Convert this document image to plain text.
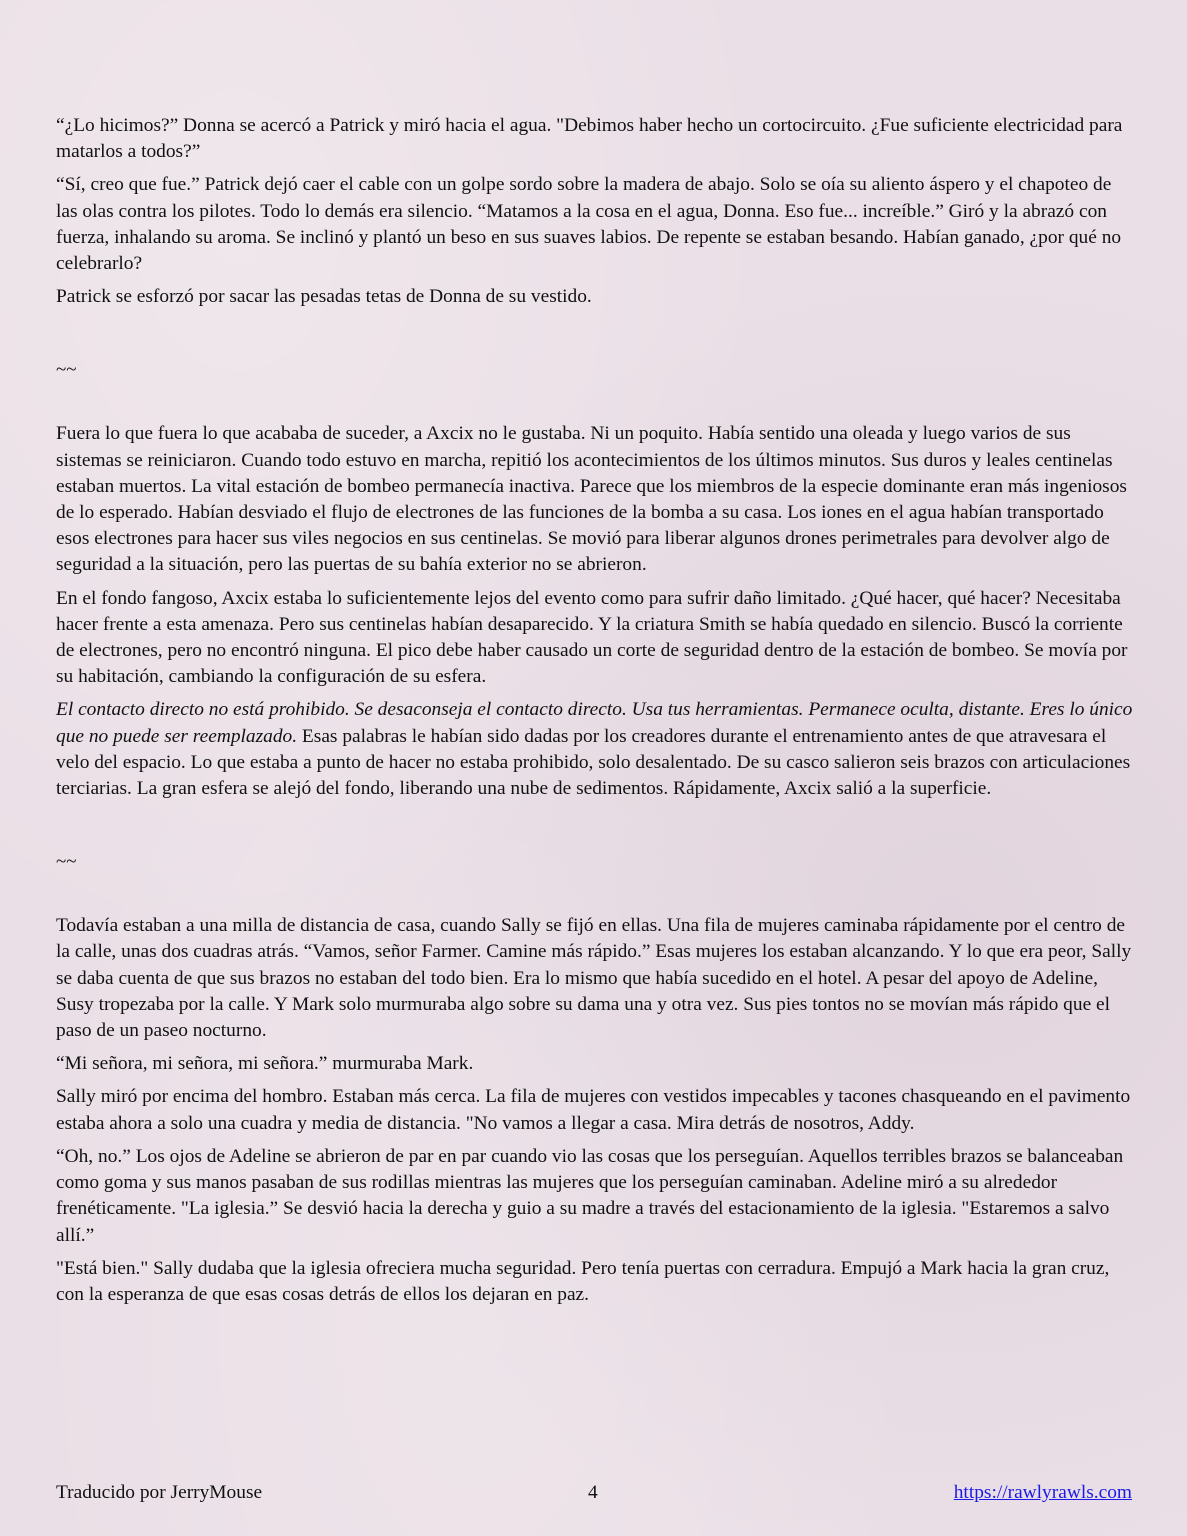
“¿Lo hicimos?” Donna se acercó a Patrick y miró hacia el agua. "Debimos haber hecho un cortocircuito. ¿Fue suficiente electricidad para matarlos a todos?”

“Sí, creo que fue.” Patrick dejó caer el cable con un golpe sordo sobre la madera de abajo. Solo se oía su aliento áspero y el chapoteo de las olas contra los pilotes. Todo lo demás era silencio. “Matamos a la cosa en el agua, Donna. Eso fue... increíble.” Giró y la abrazó con fuerza, inhalando su aroma. Se inclinó y plantó un beso en sus suaves labios. De repente se estaban besando. Habían ganado, ¿por qué no celebrarlo?

Patrick se esforzó por sacar las pesadas tetas de Donna de su vestido.

~~

Fuera lo que fuera lo que acababa de suceder, a Axcix no le gustaba. Ni un poquito. Había sentido una oleada y luego varios de sus sistemas se reiniciaron. Cuando todo estuvo en marcha, repitió los acontecimientos de los últimos minutos. Sus duros y leales centinelas estaban muertos. La vital estación de bombeo permanecía inactiva. Parece que los miembros de la especie dominante eran más ingeniosos de lo esperado. Habían desviado el flujo de electrones de las funciones de la bomba a su casa. Los iones en el agua habían transportado esos electrones para hacer sus viles negocios en sus centinelas. Se movió para liberar algunos drones perimetrales para devolver algo de seguridad a la situación, pero las puertas de su bahía exterior no se abrieron.

En el fondo fangoso, Axcix estaba lo suficientemente lejos del evento como para sufrir daño limitado. ¿Qué hacer, qué hacer? Necesitaba hacer frente a esta amenaza. Pero sus centinelas habían desaparecido. Y la criatura Smith se había quedado en silencio. Buscó la corriente de electrones, pero no encontró ninguna. El pico debe haber causado un corte de seguridad dentro de la estación de bombeo. Se movía por su habitación, cambiando la configuración de su esfera.

El contacto directo no está prohibido. Se desaconseja el contacto directo. Usa tus herramientas. Permanece oculta, distante. Eres lo único que no puede ser reemplazado. Esas palabras le habían sido dadas por los creadores durante el entrenamiento antes de que atravesara el velo del espacio. Lo que estaba a punto de hacer no estaba prohibido, solo desalentado. De su casco salieron seis brazos con articulaciones terciarias. La gran esfera se alejó del fondo, liberando una nube de sedimentos. Rápidamente, Axcix salió a la superficie.

~~

Todavía estaban a una milla de distancia de casa, cuando Sally se fijó en ellas. Una fila de mujeres caminaba rápidamente por el centro de la calle, unas dos cuadras atrás. “Vamos, señor Farmer. Camine más rápido.” Esas mujeres los estaban alcanzando. Y lo que era peor, Sally se daba cuenta de que sus brazos no estaban del todo bien. Era lo mismo que había sucedido en el hotel. A pesar del apoyo de Adeline, Susy tropezaba por la calle. Y Mark solo murmuraba algo sobre su dama una y otra vez. Sus pies tontos no se movían más rápido que el paso de un paseo nocturno.

“Mi señora, mi señora, mi señora.” murmuraba Mark.

Sally miró por encima del hombro. Estaban más cerca. La fila de mujeres con vestidos impecables y tacones chasqueando en el pavimento estaba ahora a solo una cuadra y media de distancia. "No vamos a llegar a casa. Mira detrás de nosotros, Addy.

“Oh, no.” Los ojos de Adeline se abrieron de par en par cuando vio las cosas que los perseguían. Aquellos terribles brazos se balanceaban como goma y sus manos pasaban de sus rodillas mientras las mujeres que los perseguían caminaban. Adeline miró a su alrededor frenéticamente. "La iglesia.” Se desvió hacia la derecha y guio a su madre a través del estacionamiento de la iglesia. "Estaremos a salvo allí.”

"Está bien." Sally dudaba que la iglesia ofreciera mucha seguridad. Pero tenía puertas con cerradura. Empujó a Mark hacia la gran cruz, con la esperanza de que esas cosas detrás de ellos los dejaran en paz.

Traducido por JerryMouse	4	https://rawlyrawls.com
